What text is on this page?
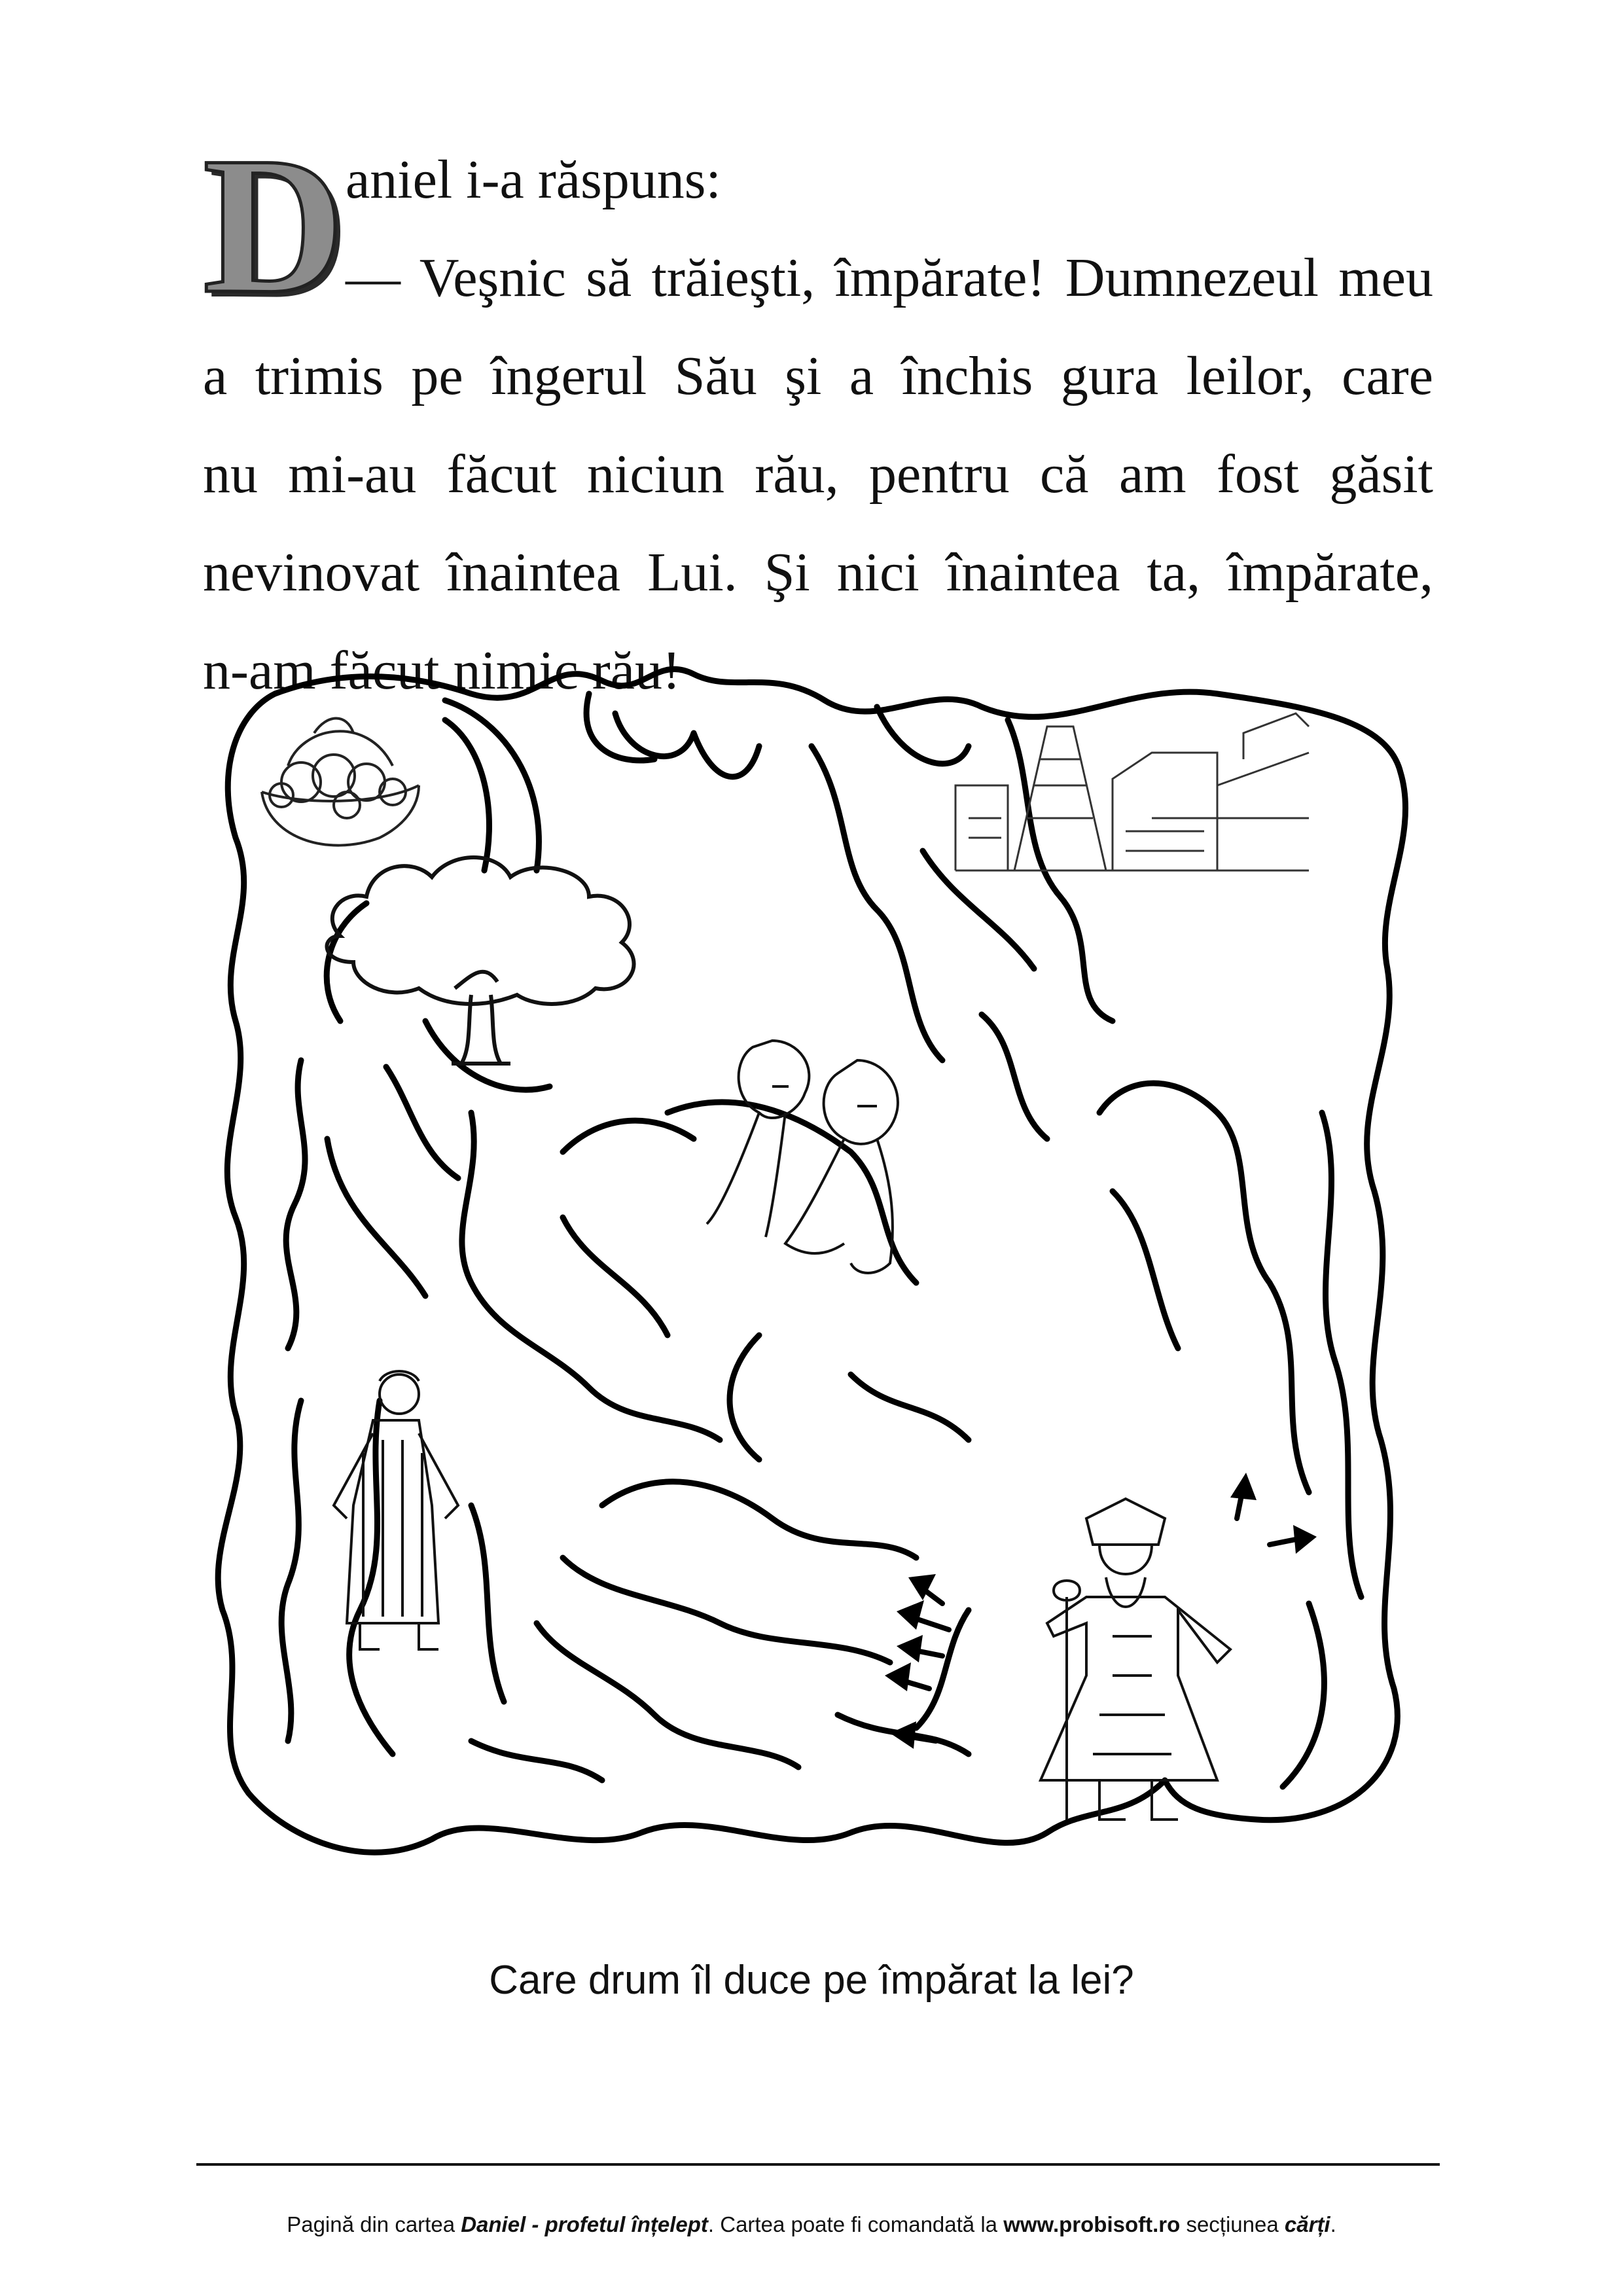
D aniel i-a răspuns:
— Veşnic să trăieşti, împărate! Dumnezeul meu
a trimis pe îngerul Său şi a închis gura leilor, care
nu mi-au făcut niciun rău, pentru că am fost găsit
nevinovat înaintea Lui. Şi nici înaintea ta, împărate,
n-am făcut nimic rău!
Care drum îl duce pe împărat la lei?
Pagină din cartea Daniel - profetul înțelept. Cartea poate fi comandată la www.probisoft.ro secțiunea cărți.
